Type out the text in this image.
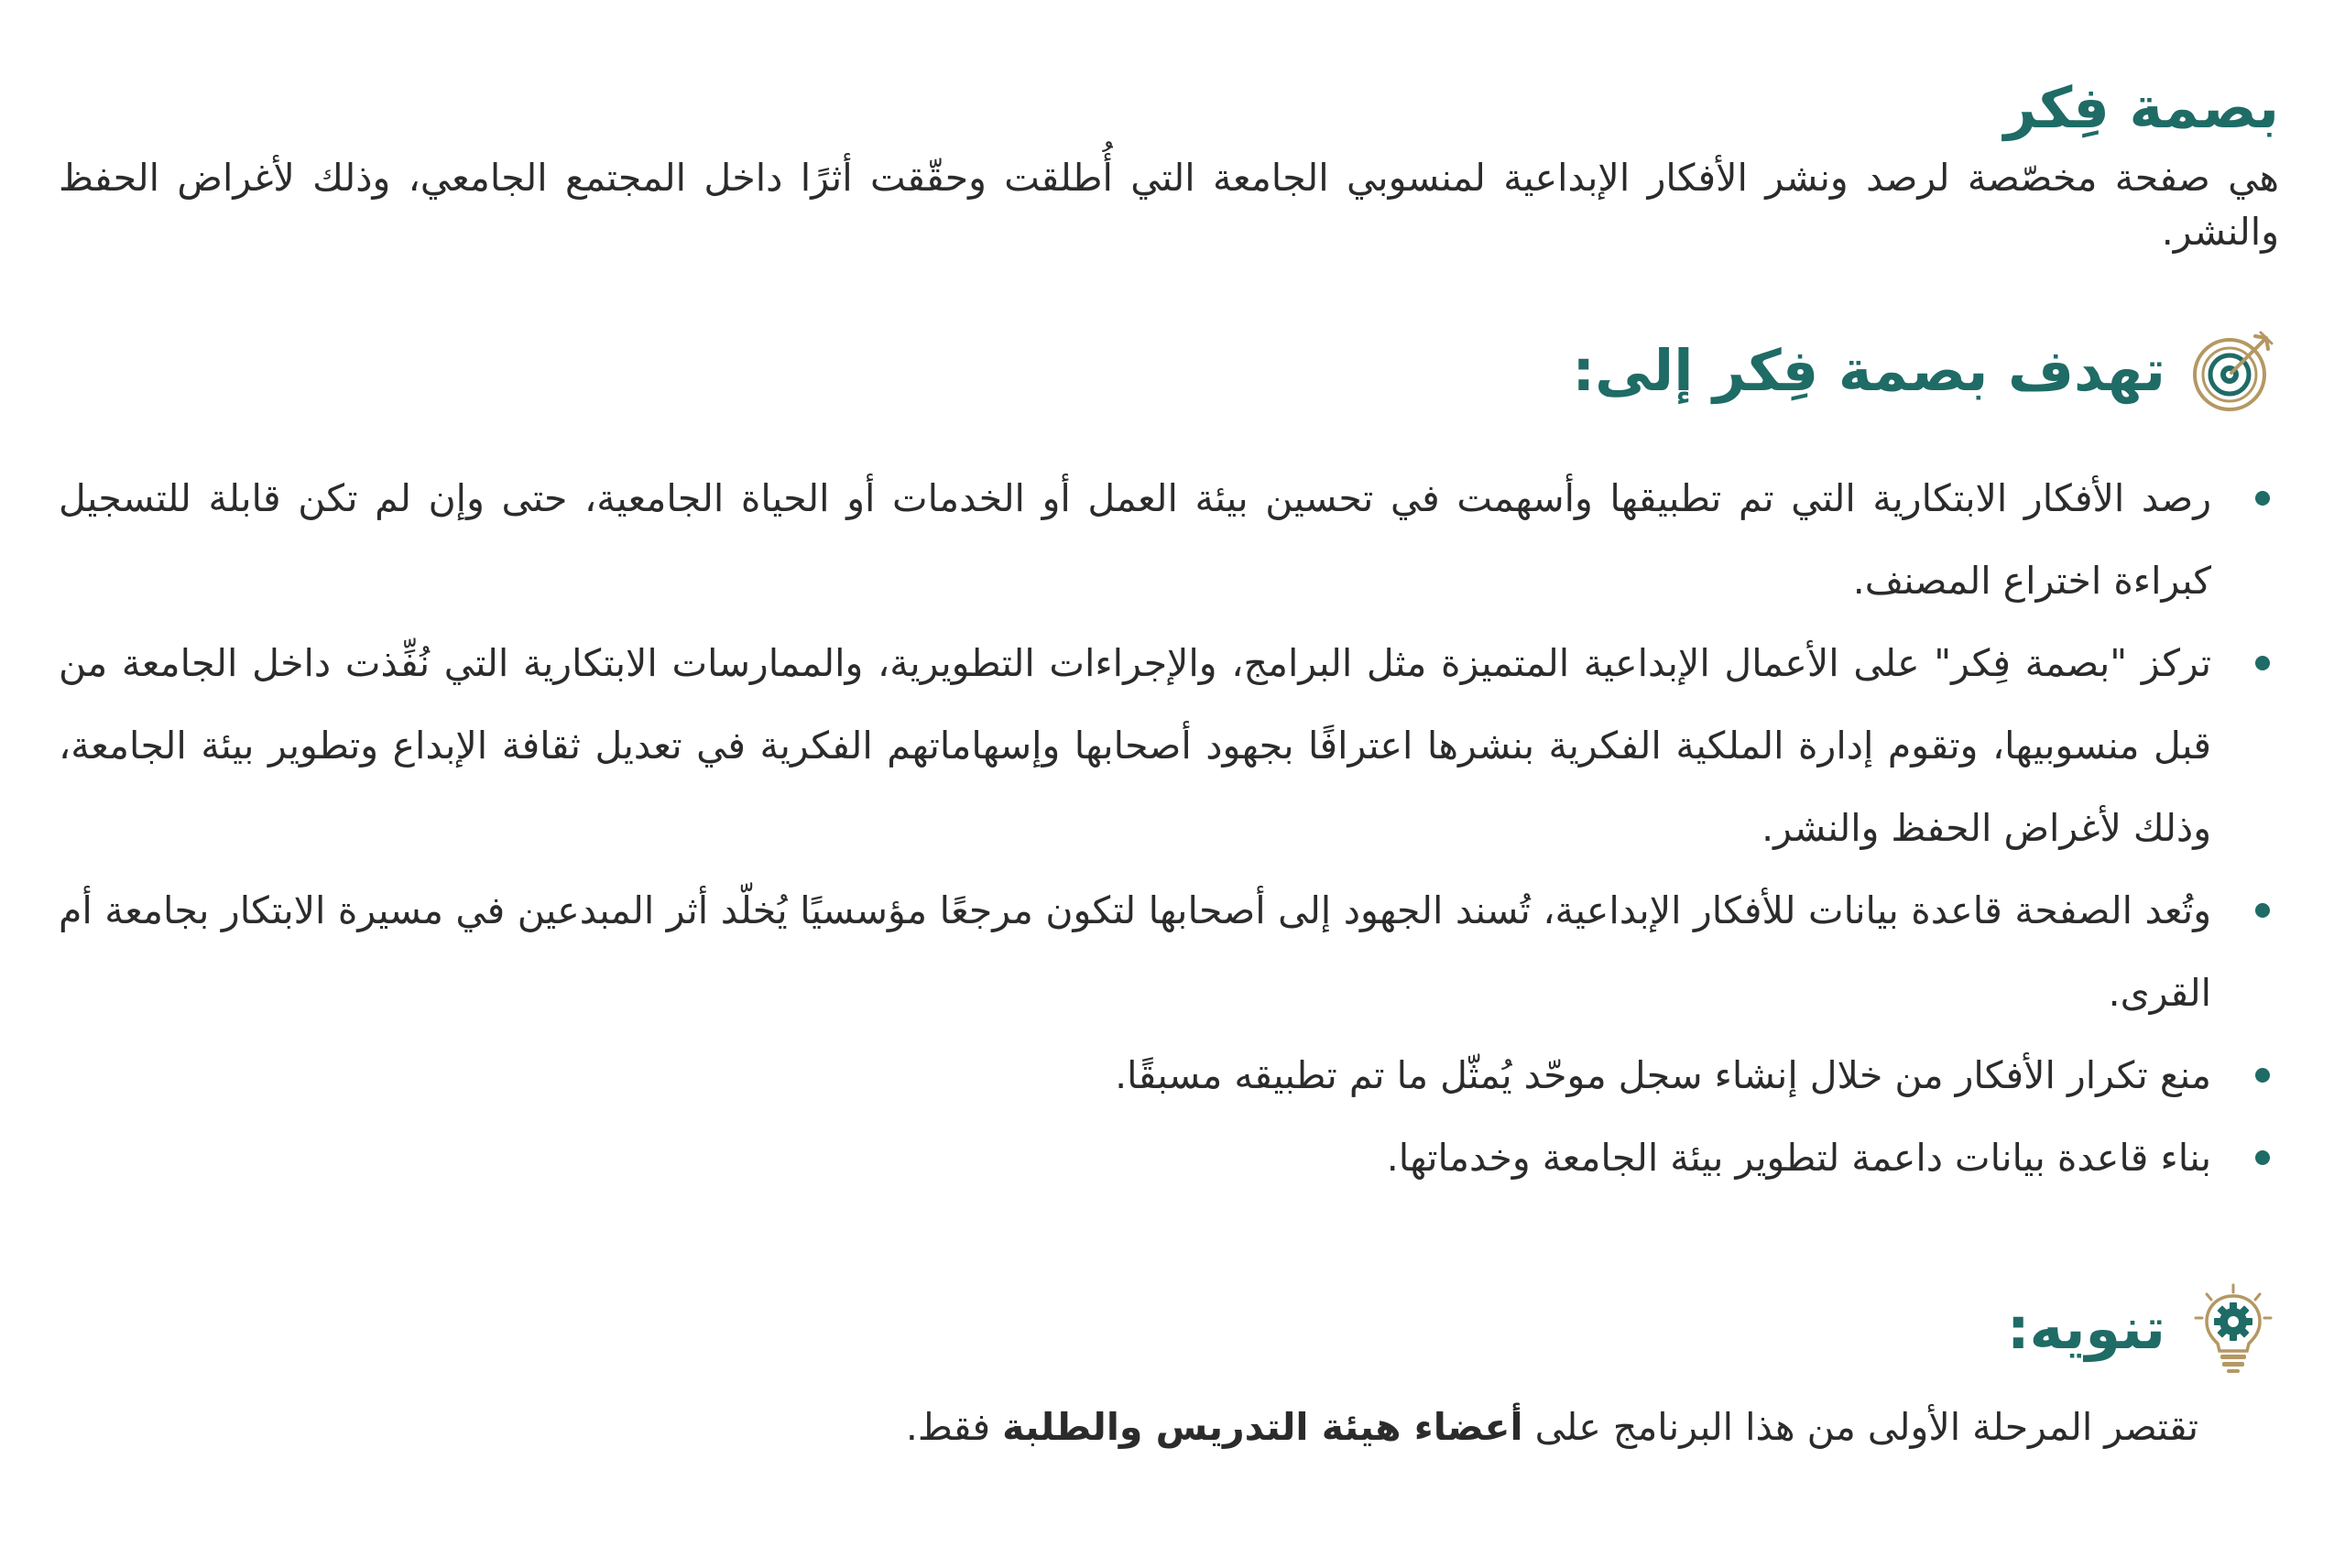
بصمة فِكر

هي صفحة مخصّصة لرصد ونشر الأفكار الإبداعية لمنسوبي الجامعة التي أُطلقت وحقّقت أثرًا داخل المجتمع الجامعي، وذلك لأغراض الحفظ والنشر.

تهدف بصمة فِكر إلى:
رصد الأفكار الابتكارية التي تم تطبيقها وأسهمت في تحسين بيئة العمل أو الخدمات أو الحياة الجامعية، حتى وإن لم تكن قابلة للتسجيل كبراءة اختراع المصنف.
تركز "بصمة فِكر" على الأعمال الإبداعية المتميزة مثل البرامج، والإجراءات التطويرية، والممارسات الابتكارية التي نُفِّذت داخل الجامعة من قبل منسوبيها، وتقوم إدارة الملكية الفكرية بنشرها اعترافًا بجهود أصحابها وإسهاماتهم الفكرية في تعديل ثقافة الإبداع وتطوير بيئة الجامعة، وذلك لأغراض الحفظ والنشر.
وتُعد الصفحة قاعدة بيانات للأفكار الإبداعية، تُسند الجهود إلى أصحابها لتكون مرجعًا مؤسسيًا يُخلّد أثر المبدعين في مسيرة الابتكار بجامعة أم القرى.
منع تكرار الأفكار من خلال إنشاء سجل موحّد يُمثّل ما تم تطبيقه مسبقًا.
بناء قاعدة بيانات داعمة لتطوير بيئة الجامعة وخدماتها.
تنويه:

تقتصر المرحلة الأولى من هذا البرنامج على أعضاء هيئة التدريس والطلبة فقط.
